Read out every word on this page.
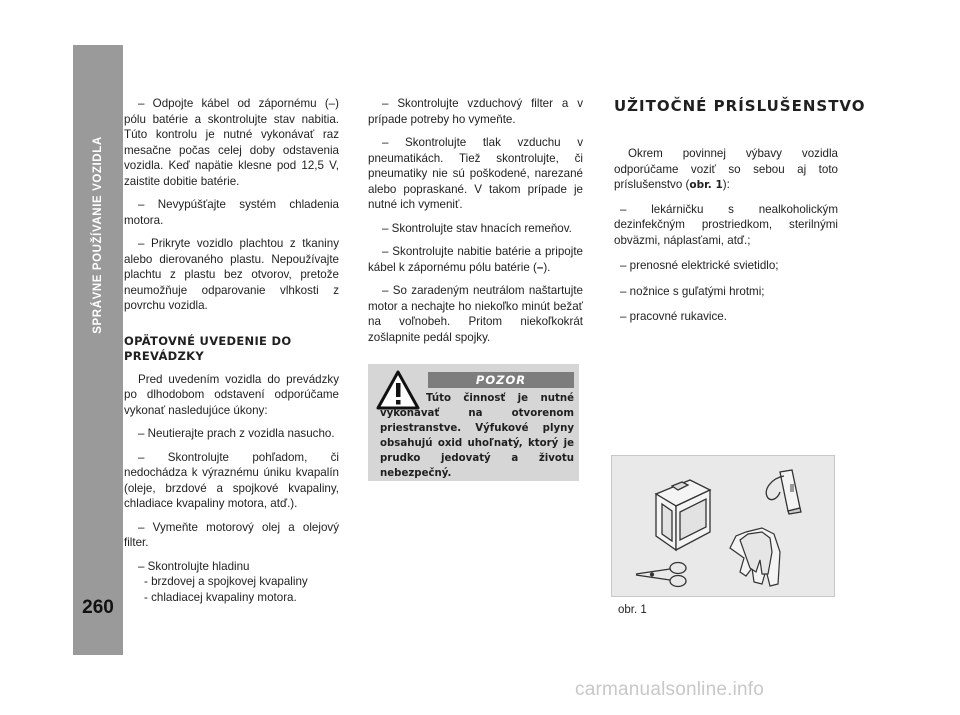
SPRÁVNE POUŽÍVANIE VOZIDLA
260

– Odpojte kábel od zápornému (–) pólu batérie a skontrolujte stav nabitia. Túto kontrolu je nutné vykonávať raz mesačne počas celej doby odstavenia vozidla. Keď napätie klesne pod 12,5 V, zaistite dobitie batérie.

– Nevypúšťajte systém chladenia motora.

– Prikryte vozidlo plachtou z tkaniny alebo dierovaného plastu. Nepoužívajte plachtu z plastu bez otvorov, pretože neumožňuje odparovanie vlhkosti z povrchu vozidla.

OPÄTOVNÉ UVEDENIE DO PREVÁDZKY

Pred uvedením vozidla do prevádzky po dlhodobom odstavení odporúčame vykonať nasledujúce úkony:

– Neutierajte prach z vozidla nasucho.

– Skontrolujte pohľadom, či nedochádza k výraznému úniku kvapalín (oleje, brzdové a spojkové kvapaliny, chladiace kvapaliny motora, atď.).

– Vymeňte motorový olej a olejový filter.

– Skontrolujte hladinu

- brzdovej a spojkovej kvapaliny

- chladiacej kvapaliny motora.

– Skontrolujte vzduchový filter a v prípade potreby ho vymeňte.

– Skontrolujte tlak vzduchu v pneumatikách. Tiež skontrolujte, či pneumatiky nie sú poškodené, narezané alebo popraskané. V takom prípade je nutné ich vymeniť.

– Skontrolujte stav hnacích remeňov.

– Skontrolujte nabitie batérie a pripojte kábel k zápornému pólu batérie (–).

– So zaradeným neutrálom naštartujte motor a nechajte ho niekoľko minút bežať na voľnobeh. Pritom niekoľkokrát zošlapnite pedál spojky.

POZOR

Túto činnosť je nutné vykonávať na otvorenom priestranstve. Výfukové plyny obsahujú oxid uhoľnatý, ktorý je prudko jedovatý a životu nebezpečný.

UŽITOČNÉ PRÍSLUŠENSTVO

Okrem povinnej výbavy vozidla odporúčame voziť so sebou aj toto príslušenstvo (obr. 1):

– lekárničku s nealkoholickým dezinfekčným prostriedkom, sterilnými obväzmi, náplasťami, atď.;

– prenosné elektrické svietidlo;

– nožnice s guľatými hrotmi;

– pracovné rukavice.

obr. 1
carmanualsonline.info
